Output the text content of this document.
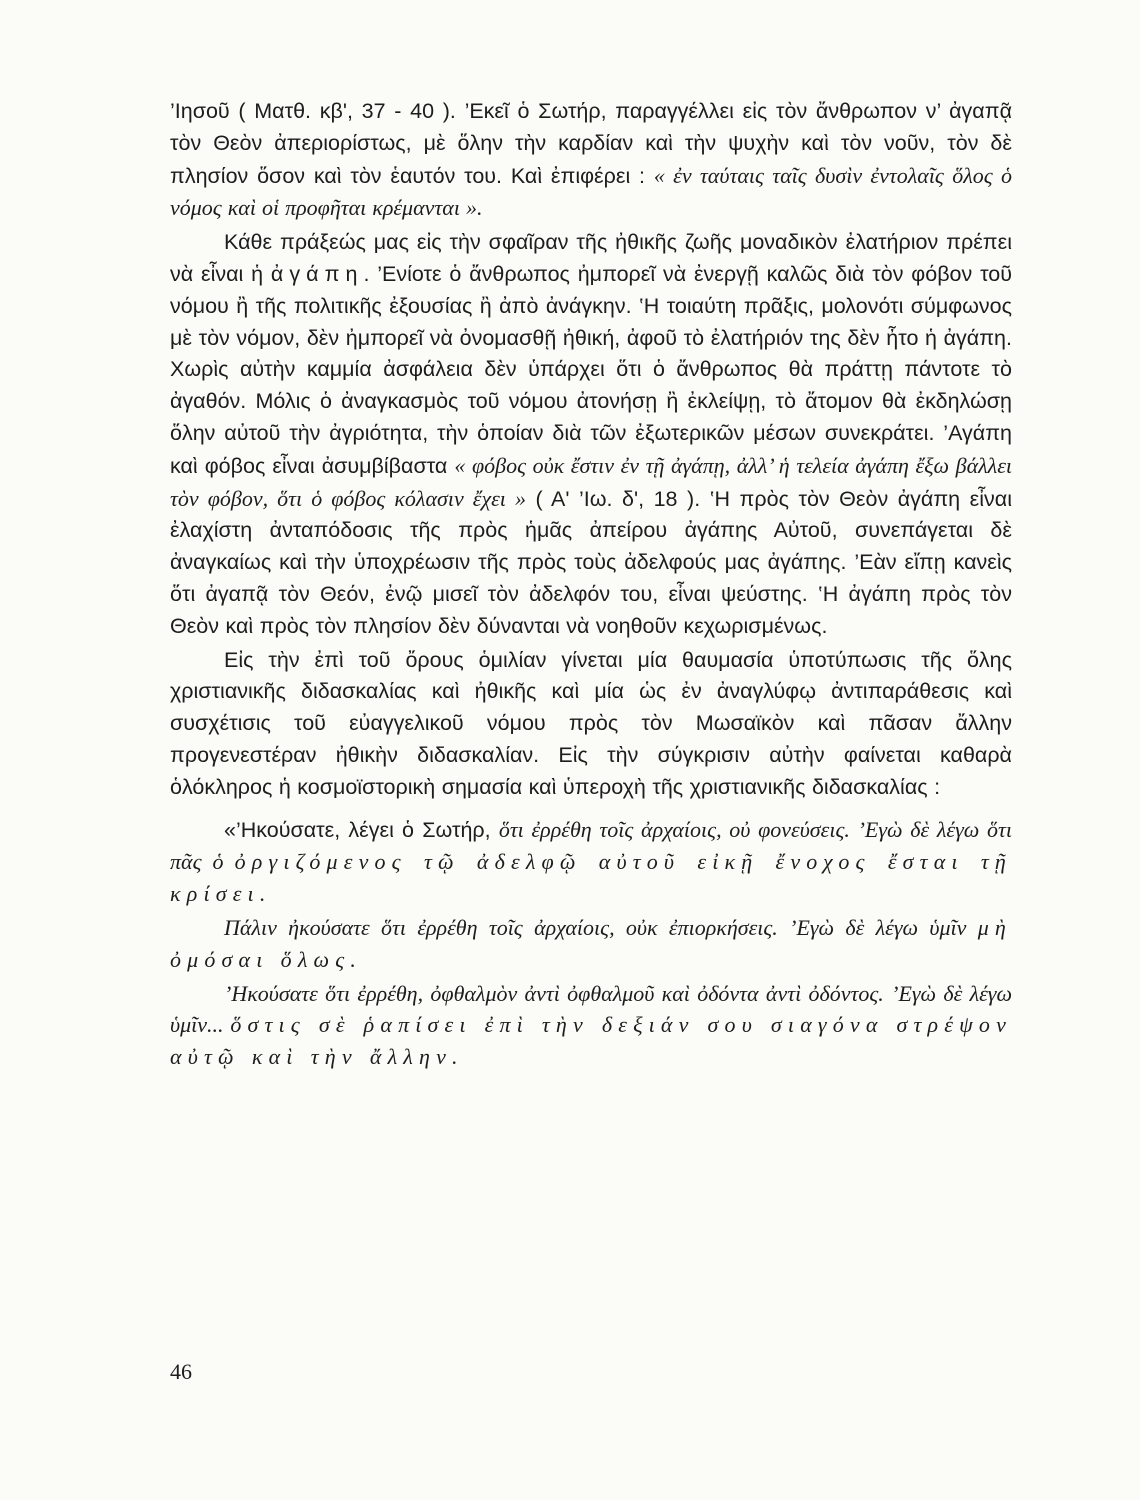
’Ιησοῦ ( Ματθ. κβ', 37 - 40 ). ’Εκεῖ ὁ Σωτήρ, παραγγέλλει εἰς τὸν ἄνθρωπον ν’ ἀγαπᾷ τὸν Θεὸν ἀπεριορίστως, μὲ ὅλην τὴν καρδίαν καὶ τὴν ψυχὴν καὶ τὸν νοῦν, τὸν δὲ πλησίον ὅσον καὶ τὸν ἑαυτόν του. Καὶ ἐπιφέρει : « ἐν ταύταις ταῖς δυσὶν ἐντολαῖς ὅλος ὁ νόμος καὶ οἱ προφῆται κρέμανται ».

Κάθε πράξεώς μας εἰς τὴν σφαῖραν τῆς ἠθικῆς ζωῆς μοναδικὸν ἐλατήριον πρέπει νὰ εἶναι ἡ ἀγάπη. ’Ενίοτε ὁ ἄνθρωπος ἠμπορεῖ νὰ ἐνεργῇ καλῶς διὰ τὸν φόβον τοῦ νόμου ἢ τῆς πολιτικῆς ἐξουσίας ἢ ἀπὸ ἀνάγκην. ‛Η τοιαύτη πρᾶξις, μολονότι σύμφωνος μὲ τὸν νόμον, δὲν ἠμπορεῖ νὰ ὀνομασθῇ ἠθική, ἀφοῦ τὸ ἐλατήριόν της δὲν ἦτο ἡ ἀγάπη. Χωρὶς αὐτὴν καμμία ἀσφάλεια δὲν ὑπάρχει ὅτι ὁ ἄνθρωπος θὰ πράττῃ πάντοτε τὸ ἀγαθόν. Μόλις ὁ ἀναγκασμὸς τοῦ νόμου ἀτονήσῃ ἢ ἐκλείψῃ, τὸ ἄτομον θὰ ἐκδηλώσῃ ὅλην αὐτοῦ τὴν ἀγριότητα, τὴν ὁποίαν διὰ τῶν ἐξωτερικῶν μέσων συνεκράτει. ’Αγάπη καὶ φόβος εἶναι ἀσυμβίβαστα « φόβος οὐκ ἔστιν ἐν τῇ ἀγάπῃ, ἀλλ’ ἡ τελεία ἀγάπη ἔξω βάλλει τὸν φόβον, ὅτι ὁ φόβος κόλασιν ἔχει » ( Α' ’Ιω. δ', 18 ). ‛Η πρὸς τὸν Θεὸν ἀγάπη εἶναι ἐλαχίστη ἀνταπόδοσις τῆς πρὸς ἡμᾶς ἀπείρου ἀγάπης Αὐτοῦ, συνεπάγεται δὲ ἀναγκαίως καὶ τὴν ὑποχρέωσιν τῆς πρὸς τοὺς ἀδελφούς μας ἀγάπης. ’Εὰν εἴπῃ κανεὶς ὅτι ἀγαπᾷ τὸν Θεόν, ἐνῷ μισεῖ τὸν ἀδελφόν του, εἶναι ψεύστης. ‛Η ἀγάπη πρὸς τὸν Θεὸν καὶ πρὸς τὸν πλησίον δὲν δύνανται νὰ νοηθοῦν κεχωρισμένως.

Εἰς τὴν ἐπὶ τοῦ ὄρους ὁμιλίαν γίνεται μία θαυμασία ὑποτύπωσις τῆς ὅλης χριστιανικῆς διδασκαλίας καὶ ἠθικῆς καὶ μία ὡς ἐν ἀναγλύφῳ ἀντιπαράθεσις καὶ συσχέτισις τοῦ εὐαγγελικοῦ νόμου πρὸς τὸν Μωσαϊκὸν καὶ πᾶσαν ἄλλην προγενεστέραν ἠθικὴν διδασκαλίαν. Εἰς τὴν σύγκρισιν αὐτὴν φαίνεται καθαρὰ ὁλόκληρος ἡ κοσμοϊστορικὴ σημασία καὶ ὑπεροχὴ τῆς χριστιανικῆς διδασκαλίας :

«’Ηκούσατε, λέγει ὁ Σωτήρ, ὅτι ἐρρέθη τοῖς ἀρχαίοις, οὐ φονεύσεις. ’Εγὼ δὲ λέγω ὅτι πᾶς ὁ ὀργιζόμενος τῷ ἀδελφῷ αὐτοῦ εἰκῇ ἔνοχος ἔσται τῇ κρίσει.

Πάλιν ἠκούσατε ὅτι ἐρρέθη τοῖς ἀρχαίοις, οὐκ ἐπιορκήσεις. ’Εγὼ δὲ λέγω ὑμῖν μὴ ὀμόσαι ὅλως.

’Ηκούσατε ὅτι ἐρρέθη, ὀφθαλμὸν ἀντὶ ὀφθαλμοῦ καὶ ὀδόντα ἀντὶ ὀδόντος. ’Εγὼ δὲ λέγω ὑμῖν... ὅστις σὲ ῥαπίσει ἐπὶ τὴν δεξιάν σου σιαγόνα στρέψον αὐτῷ καὶ τὴν ἄλλην.

46
